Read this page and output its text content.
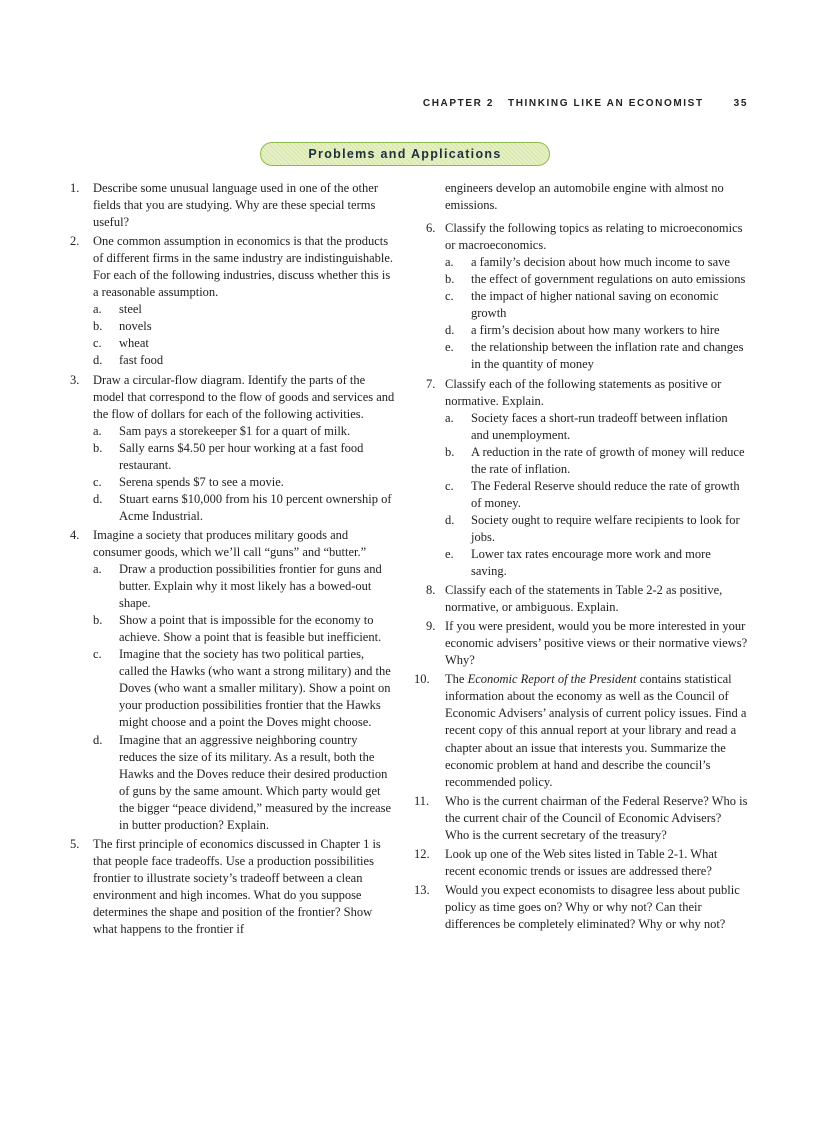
CHAPTER 2 THINKING LIKE AN ECONOMIST	35
Problems and Applications
1. Describe some unusual language used in one of the other fields that you are studying. Why are these special terms useful?
2. One common assumption in economics is that the products of different firms in the same industry are indistinguishable. For each of the following industries, discuss whether this is a reasonable assumption.
a. steel
b. novels
c. wheat
d. fast food
3. Draw a circular-flow diagram. Identify the parts of the model that correspond to the flow of goods and services and the flow of dollars for each of the following activities.
a. Sam pays a storekeeper $1 for a quart of milk.
b. Sally earns $4.50 per hour working at a fast food restaurant.
c. Serena spends $7 to see a movie.
d. Stuart earns $10,000 from his 10 percent ownership of Acme Industrial.
4. Imagine a society that produces military goods and consumer goods, which we’ll call “guns” and “butter.”
a. Draw a production possibilities frontier for guns and butter. Explain why it most likely has a bowed-out shape.
b. Show a point that is impossible for the economy to achieve. Show a point that is feasible but inefficient.
c. Imagine that the society has two political parties, called the Hawks (who want a strong military) and the Doves (who want a smaller military). Show a point on your production possibilities frontier that the Hawks might choose and a point the Doves might choose.
d. Imagine that an aggressive neighboring country reduces the size of its military. As a result, both the Hawks and the Doves reduce their desired production of guns by the same amount. Which party would get the bigger “peace dividend,” measured by the increase in butter production? Explain.
5. The first principle of economics discussed in Chapter 1 is that people face tradeoffs. Use a production possibilities frontier to illustrate society’s tradeoff between a clean environment and high incomes. What do you suppose determines the shape and position of the frontier? Show what happens to the frontier if
engineers develop an automobile engine with almost no emissions.
6. Classify the following topics as relating to microeconomics or macroeconomics.
a. a family’s decision about how much income to save
b. the effect of government regulations on auto emissions
c. the impact of higher national saving on economic growth
d. a firm’s decision about how many workers to hire
e. the relationship between the inflation rate and changes in the quantity of money
7. Classify each of the following statements as positive or normative. Explain.
a. Society faces a short-run tradeoff between inflation and unemployment.
b. A reduction in the rate of growth of money will reduce the rate of inflation.
c. The Federal Reserve should reduce the rate of growth of money.
d. Society ought to require welfare recipients to look for jobs.
e. Lower tax rates encourage more work and more saving.
8. Classify each of the statements in Table 2-2 as positive, normative, or ambiguous. Explain.
9. If you were president, would you be more interested in your economic advisers’ positive views or their normative views? Why?
10. The Economic Report of the President contains statistical information about the economy as well as the Council of Economic Advisers’ analysis of current policy issues. Find a recent copy of this annual report at your library and read a chapter about an issue that interests you. Summarize the economic problem at hand and describe the council’s recommended policy.
11. Who is the current chairman of the Federal Reserve? Who is the current chair of the Council of Economic Advisers? Who is the current secretary of the treasury?
12. Look up one of the Web sites listed in Table 2-1. What recent economic trends or issues are addressed there?
13. Would you expect economists to disagree less about public policy as time goes on? Why or why not? Can their differences be completely eliminated? Why or why not?
